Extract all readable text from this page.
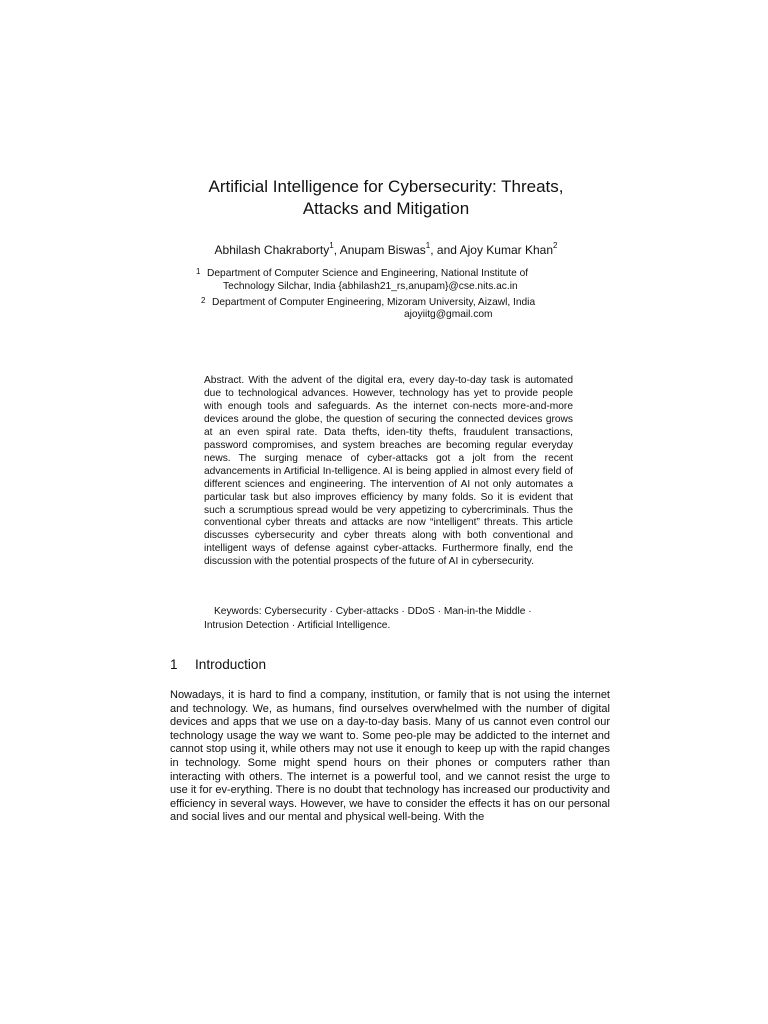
Artificial Intelligence for Cybersecurity: Threats,
Attacks and Mitigation
Abhilash Chakraborty$^1$, Anupam Biswas$^1$, and Ajoy Kumar Khan$^2$
1 Department of Computer Science and Engineering, National Institute of
Technology Silchar, India {abhilash21_rs,anupam}@cse.nits.ac.in
2 Department of Computer Engineering, Mizoram University, Aizawl, India
ajoyiitg@gmail.com
Abstract. With the advent of the digital era, every day-to-day task is automated due to technological advances. However, technology has yet to provide people with enough tools and safeguards. As the internet con-nects more-and-more devices around the globe, the question of securing the connected devices grows at an even spiral rate. Data thefts, iden-tity thefts, fraudulent transactions, password compromises, and system breaches are becoming regular everyday news. The surging menace of cyber-attacks got a jolt from the recent advancements in Artificial In-telligence. AI is being applied in almost every field of different sciences and engineering. The intervention of AI not only automates a particular task but also improves efficiency by many folds. So it is evident that such a scrumptious spread would be very appetizing to cybercriminals. Thus the conventional cyber threats and attacks are now “intelligent” threats. This article discusses cybersecurity and cyber threats along with both conventional and intelligent ways of defense against cyber-attacks. Furthermore finally, end the discussion with the potential prospects of the future of AI in cybersecurity.
Keywords: Cybersecurity · Cyber-attacks · DDoS · Man-in-the Middle · Intrusion Detection · Artificial Intelligence.
1 Introduction
Nowadays, it is hard to find a company, institution, or family that is not using the internet and technology. We, as humans, find ourselves overwhelmed with the number of digital devices and apps that we use on a day-to-day basis. Many of us cannot even control our technology usage the way we want to. Some peo-ple may be addicted to the internet and cannot stop using it, while others may not use it enough to keep up with the rapid changes in technology. Some might spend hours on their phones or computers rather than interacting with others. The internet is a powerful tool, and we cannot resist the urge to use it for ev-erything. There is no doubt that technology has increased our productivity and efficiency in several ways. However, we have to consider the effects it has on our personal and social lives and our mental and physical well-being. With the
